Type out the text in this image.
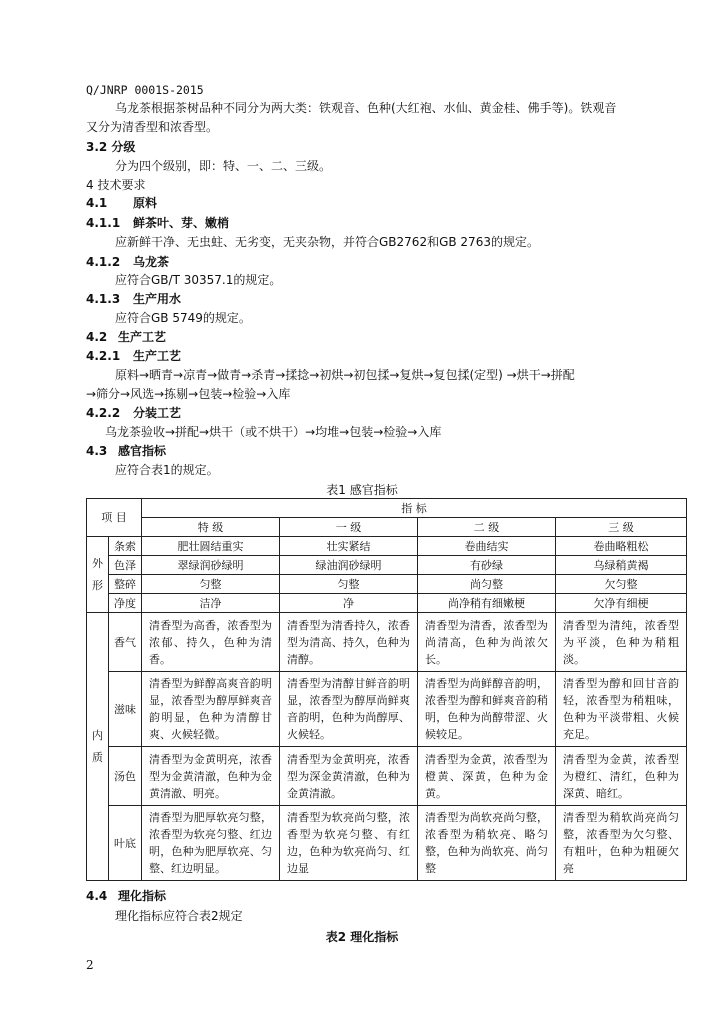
Q/JNRP 0001S-2015
乌龙茶根据茶树品种不同分为两大类：铁观音、色种(大红袍、水仙、黄金桂、佛手等)。铁观音
又分为清香型和浓香型。
3.2 分级
分为四个级别，即：特、一、二、三级。
4 技术要求
4.1 原料
4.1.1 鲜茶叶、芽、嫩梢
应新鲜干净、无虫蛀、无劣变，无夹杂物，并符合GB2762和GB 2763的规定。
4.1.2 乌龙茶
应符合GB/T 30357.1的规定。
4.1.3 生产用水
应符合GB 5749的规定。
4.2 生产工艺
4.2.1 生产工艺
原料→晒青→凉青→做青→杀青→揉捻→初烘→初包揉→复烘→复包揉(定型) →烘干→拼配
→筛分→风选→拣剔→包装→检验→入库
4.2.2 分装工艺
乌龙茶验收→拼配→烘干（或不烘干）→均堆→包装→检验→入库
4.3 感官指标
应符合表1的规定。
表1 感官指标
项 目		指 标			
		特 级	一 级	二 级	三 级

外
形	条索	肥壮圆结重实	壮实紧结	卷曲结实	卷曲略粗松
	色泽	翠绿润砂绿明	绿油润砂绿明	有砂绿	乌绿稍黄褐
	整碎	匀整	匀整	尚匀整	欠匀整
	净度	洁净	净	尚净稍有细嫩梗	欠净有细梗

内
质	香气	清香型为高香，浓香型为浓郁、持久，色种为清香。	清香型为清香持久，浓香型为清高、持久，色种为清醇。	清香型为清香，浓香型为尚清高，色种为尚浓欠长。	清香型为清纯，浓香型为平淡，色种为稍粗淡。
	滋味	清香型为鲜醇高爽音韵明显，浓香型为醇厚鲜爽音韵明显，色种为清醇甘爽、火候轻微。	清香型为清醇甘鲜音韵明显，浓香型为醇厚尚鲜爽音韵明，色种为尚醇厚、火候轻。	清香型为尚鲜醇音韵明，浓香型为醇和鲜爽音韵稍明，色种为尚醇带涩、火候较足。	清香型为醇和回甘音韵轻，浓香型为稍粗味，色种为平淡带粗、火候充足。
	汤色	清香型为金黄明亮，浓香型为金黄清澈，色种为金黄清澈、明亮。	清香型为金黄明亮，浓香型为深金黄清澈，色种为金黄清澈。	清香型为金黄，浓香型为橙黄、深黄，色种为金黄。	清香型为金黄，浓香型为橙红、清红，色种为深黄、暗红。
	叶底	清香型为肥厚软亮匀整，浓香型为软亮匀整、红边明，色种为肥厚软亮、匀整、红边明显。	清香型为软亮尚匀整，浓香型为软亮匀整、有红边，色种为软亮尚匀、红边显	清香型为尚软亮尚匀整，浓香型为稍软亮、略匀整，色种为尚软亮、尚匀整	清香型为稍软尚亮尚匀整，浓香型为欠匀整、有粗叶，色种为粗硬欠亮
4.4 理化指标
理化指标应符合表2规定
表2 理化指标
2
